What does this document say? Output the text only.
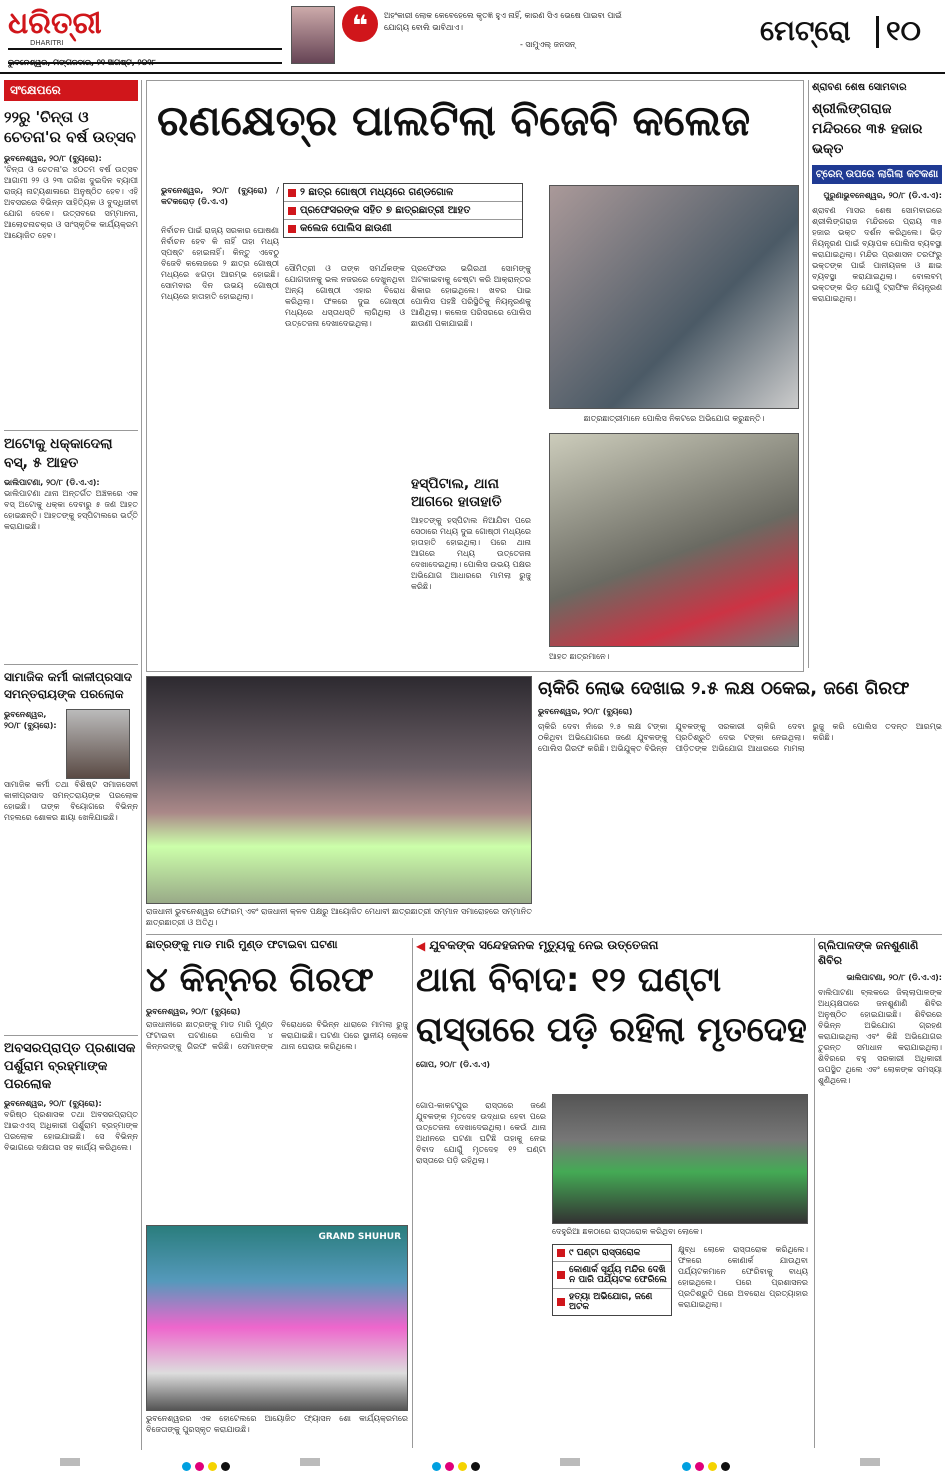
ଧରିତ୍ରୀ
DHARITRI
ଭୁବନେଶ୍ୱର, ମଙ୍ଗଳବାର, ୨୧ ଅଗଷ୍ଟ, ୨୦୧୮
❝	ଅହଂକାରୀ ଲୋକ କେବେହେଲେ କୃତଜ୍ଞ ହୁଏ ନାହିଁ, କାରଣ ସିଏ ଭେଷେ ପାଇବା ପାଇଁ ଯୋଗ୍ୟ ବୋଲି ଭାବିଥାଏ।
- ସାମୁଏଲ୍ ଜନସନ୍	ମେଟ୍ରୋ ୧୦
ସଂକ୍ଷେପରେ
୨୨ରୁ 'ଚିନ୍ତା ଓ ଚେତନା'ର ବର୍ଷ ଉତ୍ସବ
ଭୁବନେଶ୍ୱର, ୨୦/୮ (ବ୍ୟୁରୋ):
'ଚିନ୍ତା ଓ ଚେତନା'ର ୪୦ତମ ବର୍ଷ ଉତ୍ସବ ଆଗାମୀ ୨୨ ଓ ୨୩ ତାରିଖ ଦୁଇଦିନ ବ୍ୟାପୀ ରାଜ୍ୟ ନାଟ୍ୟଶାଳାରେ ଅନୁଷ୍ଠିତ ହେବ। ଏହି ଅବସରରେ ବିଭିନ୍ନ ସାହିତ୍ୟିକ ଓ ବୁଦ୍ଧିଜୀବୀ ଯୋଗ ଦେବେ। ଉତ୍ସବରେ ସମ୍ମାନନା, ଆଲୋଚନାଚକ୍ର ଓ ସାଂସ୍କୃତିକ କାର୍ଯ୍ୟକ୍ରମ ଆୟୋଜିତ ହେବ।
ଅଟୋକୁ ଧକ୍କାଦେଲା ବସ୍, ୫ ଆହତ
ଭାଲିପାଟଣା, ୨୦/୮ (ଡି.ଏ.ଏ):
ଭାଲିପାଟଣା ଥାନା ଅନ୍ତର୍ଗତ ଅଞ୍ଚଳରେ ଏକ ବସ୍ ଅଟୋକୁ ଧକ୍କା ଦେବାରୁ ୫ ଜଣ ଆହତ ହୋଇଛନ୍ତି। ଆହତଙ୍କୁ ହସ୍ପିଟାଲରେ ଭର୍ତ୍ତି କରାଯାଇଛି।
ସାମାଜିକ କର୍ମୀ କାଳୀପ୍ରସାଦ ସମନ୍ତରାୟଙ୍କ ପରଲୋକ
ଭୁବନେଶ୍ୱର, ୨୦/୮ (ବ୍ୟୁରୋ):
ସାମାଜିକ କର୍ମୀ ତଥା ବିଶିଷ୍ଟ ସମାଜସେବୀ କାଳୀପ୍ରସାଦ ସମନ୍ତରାୟଙ୍କ ପରଲୋକ ହୋଇଛି। ତାଙ୍କ ବିୟୋଗରେ ବିଭିନ୍ନ ମହଲରେ ଶୋକର ଛାୟା ଖେଳିଯାଇଛି।
ଅବସରପ୍ରାପ୍ତ ପ୍ରଶାସକ ପର୍ଶୁରାମ ବ୍ରହ୍ମାଙ୍କ ପରଲୋକ
ଭୁବନେଶ୍ୱର, ୨୦/୮ (ବ୍ୟୁରୋ):
ବରିଷ୍ଠ ପ୍ରଶାସକ ତଥା ଅବସରପ୍ରାପ୍ତ ଆଇଏଏସ୍ ଅଧିକାରୀ ପର୍ଶୁରାମ ବ୍ରହ୍ମାଙ୍କ ପରଲୋକ ହୋଇଯାଇଛି। ସେ ବିଭିନ୍ନ ବିଭାଗରେ ଦକ୍ଷତାର ସହ କାର୍ଯ୍ୟ କରିଥିଲେ।
ରଣକ୍ଷେତ୍ର ପାଲଟିଲା ବିଜେବି କଲେଜ
ଭୁବନେଶ୍ୱର, ୨୦/୮ (ବ୍ୟୁରୋ) / କଟକରୋଡ଼ (ଡି.ଏ.ଏ)
୨ ଛାତ୍ର ଗୋଷ୍ଠୀ ମଧ୍ୟରେ ଗଣ୍ଡଗୋଳ
ପ୍ରଫେସରଙ୍କ ସହିତ ୭ ଛାତ୍ରଛାତ୍ରୀ ଆହତ
କଲେଜ ପୋଲିସ ଛାଉଣୀ
ନିର୍ବାଚନ ପାଇଁ ରାଜ୍ୟ ସରକାର ଘୋଷଣା ନିର୍ବାଚନ ହେବ କି ନାହିଁ ତାହା ମଧ୍ୟ ସ୍ପଷ୍ଟ ହୋଇନାହିଁ। କିନ୍ତୁ ଏବେଠୁ ବିଜେବି କଲେଜରେ ୨ ଛାତ୍ର ଗୋଷ୍ଠୀ ମଧ୍ୟରେ ଝଗଡ଼ା ଆରମ୍ଭ ହୋଇଛି। ସୋମବାର ଦିନ ଉଭୟ ଗୋଷ୍ଠୀ ମଧ୍ୟରେ ହାତାହାତି ହୋଇଥିଲା।
ସୌମିତ୍ରୀ ଓ ତାଙ୍କ ସମର୍ଥକଙ୍କ ଯୋଗଦାନକୁ ଭଲ ନଜରରେ ଦେଖୁନଥିବା ଅନ୍ୟ ଗୋଷ୍ଠୀ ଏହାର ବିରୋଧ କରିଥିଲା। ଫଳରେ ଦୁଇ ଗୋଷ୍ଠୀ ମଧ୍ୟରେ ଧସ୍ତାଧସ୍ତି ଲାଗିଥିଲା ଓ ଉତ୍ତେଜନା ଦେଖାଦେଇଥିଲା।
ପ୍ରଫେସର ଭଗିରଥୀ ସୋମଙ୍କୁ ଅଟକାଇବାକୁ ଚେଷ୍ଟା କରି ଆକ୍ରାନ୍ତର ଶିକାର ହୋଇଥିଲେ। ଖବର ପାଇ ପୋଲିସ ପହଞ୍ଚି ପରିସ୍ଥିତିକୁ ନିୟନ୍ତ୍ରଣକୁ ଆଣିଥିଲା। କଲେଜ ପରିସରରେ ପୋଲିସ ଛାଉଣୀ ପକାଯାଇଛି।
ହସ୍ପିଟାଲ, ଥାନା ଆଗରେ ହାତାହାତି
ଆହତଙ୍କୁ ହସ୍ପିଟାଲ ନିଆଯିବା ପରେ ସେଠାରେ ମଧ୍ୟ ଦୁଇ ଗୋଷ୍ଠୀ ମଧ୍ୟରେ ହାତାହାତି ହୋଇଥିଲା। ପରେ ଥାନା ଆଗରେ ମଧ୍ୟ ଉତ୍ତେଜନା ଦେଖାଦେଇଥିଲା। ପୋଲିସ ଉଭୟ ପକ୍ଷର ଅଭିଯୋଗ ଆଧାରରେ ମାମଲା ରୁଜୁ କରିଛି।
ଛାତ୍ରଛାତ୍ରୀମାନେ ପୋଲିସ ନିକଟରେ ଅଭିଯୋଗ କରୁଛନ୍ତି।
ଆହତ ଛାତ୍ରମାନେ।
ଶ୍ରାବଣ ଶେଷ ସୋମବାର
ଶ୍ରୀଲିଙ୍ଗରାଜ ମନ୍ଦିରରେ ୩୫ ହଜାର ଭକ୍ତ
ଟ୍ରେନ୍ ଉପରେ ଲାଗିଲା କଟକଣା
ପୁରୁଣାଭୁବନେଶ୍ୱର, ୨୦/୮ (ଡି.ଏ.ଏ):
ଶ୍ରାବଣ ମାସର ଶେଷ ସୋମବାରରେ ଶ୍ରୀଲିଙ୍ଗରାଜ ମନ୍ଦିରରେ ପ୍ରାୟ ୩୫ ହଜାର ଭକ୍ତ ଦର୍ଶନ କରିଥିଲେ। ଭିଡ଼ ନିୟନ୍ତ୍ରଣ ପାଇଁ ବ୍ୟାପକ ପୋଲିସ ବ୍ୟବସ୍ଥା କରାଯାଇଥିଲା। ମନ୍ଦିର ପ୍ରଶାସନ ତରଫରୁ ଭକ୍ତଙ୍କ ପାଇଁ ପାନୀୟଜଳ ଓ ଛାଇ ବ୍ୟବସ୍ଥା କରାଯାଇଥିଲା। ବୋଲବମ୍ ଭକ୍ତଙ୍କ ଭିଡ଼ ଯୋଗୁଁ ଟ୍ରାଫିକ ନିୟନ୍ତ୍ରଣ କରାଯାଇଥିଲା।
ରାଜଧାନୀ ଭୁବନେଶ୍ୱର ଫୋରମ୍ ଏବଂ ରାଜଧାନୀ କ୍ଳବ ପକ୍ଷରୁ ଆୟୋଜିତ ମେଧାବୀ ଛାତ୍ରଛାତ୍ରୀ ସମ୍ମାନ ସମାରୋହରେ ସମ୍ମାନିତ ଛାତ୍ରଛାତ୍ରୀ ଓ ଅତିଥି।
ଚାକିରି ଲୋଭ ଦେଖାଇ ୨.୫ ଲକ୍ଷ ଠକେଇ, ଜଣେ ଗିରଫ
ଭୁବନେଶ୍ୱର, ୨୦/୮ (ବ୍ୟୁରୋ)
ଚାକିରି ଦେବା ନାଁରେ ୨.୫ ଲକ୍ଷ ଟଙ୍କା ଠକିଥିବା ଅଭିଯୋଗରେ ଜଣେ ଯୁବକଙ୍କୁ ପୋଲିସ ଗିରଫ କରିଛି। ଅଭିଯୁକ୍ତ ବିଭିନ୍ନ ଯୁବକଙ୍କୁ ସରକାରୀ ଚାକିରି ଦେବା ପ୍ରତିଶ୍ରୁତି ଦେଇ ଟଙ୍କା ନେଇଥିଲା। ପୀଡ଼ିତଙ୍କ ଅଭିଯୋଗ ଆଧାରରେ ମାମଲା ରୁଜୁ କରି ପୋଲିସ ତଦନ୍ତ ଆରମ୍ଭ କରିଛି।
ଛାତ୍ରଙ୍କୁ ମାଡ ମାରି ମୁଣ୍ଡ ଫଟାଇବା ଘଟଣା
୪ କିନ୍ନର ଗିରଫ
ଭୁବନେଶ୍ୱର, ୨୦/୮ (ବ୍ୟୁରୋ)
ରାଜଧାନୀରେ ଛାତ୍ରଙ୍କୁ ମାଡ ମାରି ମୁଣ୍ଡ ଫଟାଇବା ଘଟଣାରେ ପୋଲିସ ୪ କିନ୍ନରଙ୍କୁ ଗିରଫ କରିଛି। ସେମାନଙ୍କ ବିରୋଧରେ ବିଭିନ୍ନ ଧାରାରେ ମାମଲା ରୁଜୁ କରାଯାଇଛି। ଘଟଣା ପରେ ସ୍ଥାନୀୟ ଲୋକେ ଥାନା ଘେରାଉ କରିଥିଲେ।
GRAND SHUHUR
ଭୁବନେଶ୍ୱରର ଏକ ହୋଟେଲରେ ଆୟୋଜିତ ଫ୍ୟାସନ ଶୋ କାର୍ଯ୍ୟକ୍ରମରେ ବିଜେତାଙ୍କୁ ପୁରସ୍କୃତ କରାଯାଉଛି।
◀ ଯୁବକଙ୍କ ସନ୍ଦେହଜନକ ମୃତ୍ୟୁକୁ ନେଇ ଉତ୍ତେଜନା
ଥାନା ବିବାଦ: ୧୨ ଘଣ୍ଟା
ରାସ୍ତାରେ ପଡ଼ି ରହିଲା ମୃତଦେହ
ଗୋପ, ୨୦/୮ (ଡି.ଏ.ଏ)
ଗୋପ-କାକଟପୁର ରାସ୍ତାରେ ଜଣେ ଯୁବକଙ୍କ ମୃତଦେହ ଉଦ୍ଧାର ହେବା ପରେ ଉତ୍ତେଜନା ଦେଖାଦେଇଥିଲା। କେଉଁ ଥାନା ଅଧୀନରେ ଘଟଣା ଘଟିଛି ତାହାକୁ ନେଇ ବିବାଦ ଯୋଗୁଁ ମୃତଦେହ ୧୨ ଘଣ୍ଟା ରାସ୍ତାରେ ପଡ଼ି ରହିଥିଲା।
ଦେହୁରିଆ ଛକଠାରେ ରାସ୍ତାରୋକ କରିଥିବା ଲୋକେ।
୯ ଘଣ୍ଟା ରାସ୍ତାରୋକ
କୋଣାର୍କ ସୂର୍ଯ୍ୟ ମନ୍ଦିର ଦେଖି ନ ପାରି ପର୍ଯ୍ୟଟକ ଫେରିଲେ
ହତ୍ୟା ଅଭିଯୋଗ, ଜଣେ ଅଟକ
କ୍ଷୁବ୍ଧ ଲୋକେ ରାସ୍ତାରୋକ କରିଥିଲେ। ଫଳରେ କୋଣାର୍କ ଯାଉଥିବା ପର୍ଯ୍ୟଟକମାନେ ଫେରିବାକୁ ବାଧ୍ୟ ହୋଇଥିଲେ। ପରେ ପ୍ରଶାସନର ପ୍ରତିଶ୍ରୁତି ପରେ ଅବରୋଧ ପ୍ରତ୍ୟାହାର କରାଯାଇଥିଲା।
ଗ୍ଲିପାଳଙ୍କ ଜନଶୁଣାଣି ଶିବିର
ଭାଲିପାଟଣା, ୨୦/୮ (ଡି.ଏ.ଏ):
ବାଲିପାଟଣା ବ୍ଲକରେ ଜିଲ୍ଲାପାଳଙ୍କ ଅଧ୍ୟକ୍ଷତାରେ ଜନଶୁଣାଣି ଶିବିର ଅନୁଷ୍ଠିତ ହୋଇଯାଇଛି। ଶିବିରରେ ବିଭିନ୍ନ ଅଭିଯୋଗ ଗ୍ରହଣ କରାଯାଇଥିଲା ଏବଂ କିଛି ଅଭିଯୋଗର ତୁରନ୍ତ ସମାଧାନ କରାଯାଇଥିଲା। ଶିବିରରେ ବହୁ ସରକାରୀ ଅଧିକାରୀ ଉପସ୍ଥିତ ଥିଲେ ଏବଂ ଲୋକଙ୍କ ସମସ୍ୟା ଶୁଣିଥିଲେ।
